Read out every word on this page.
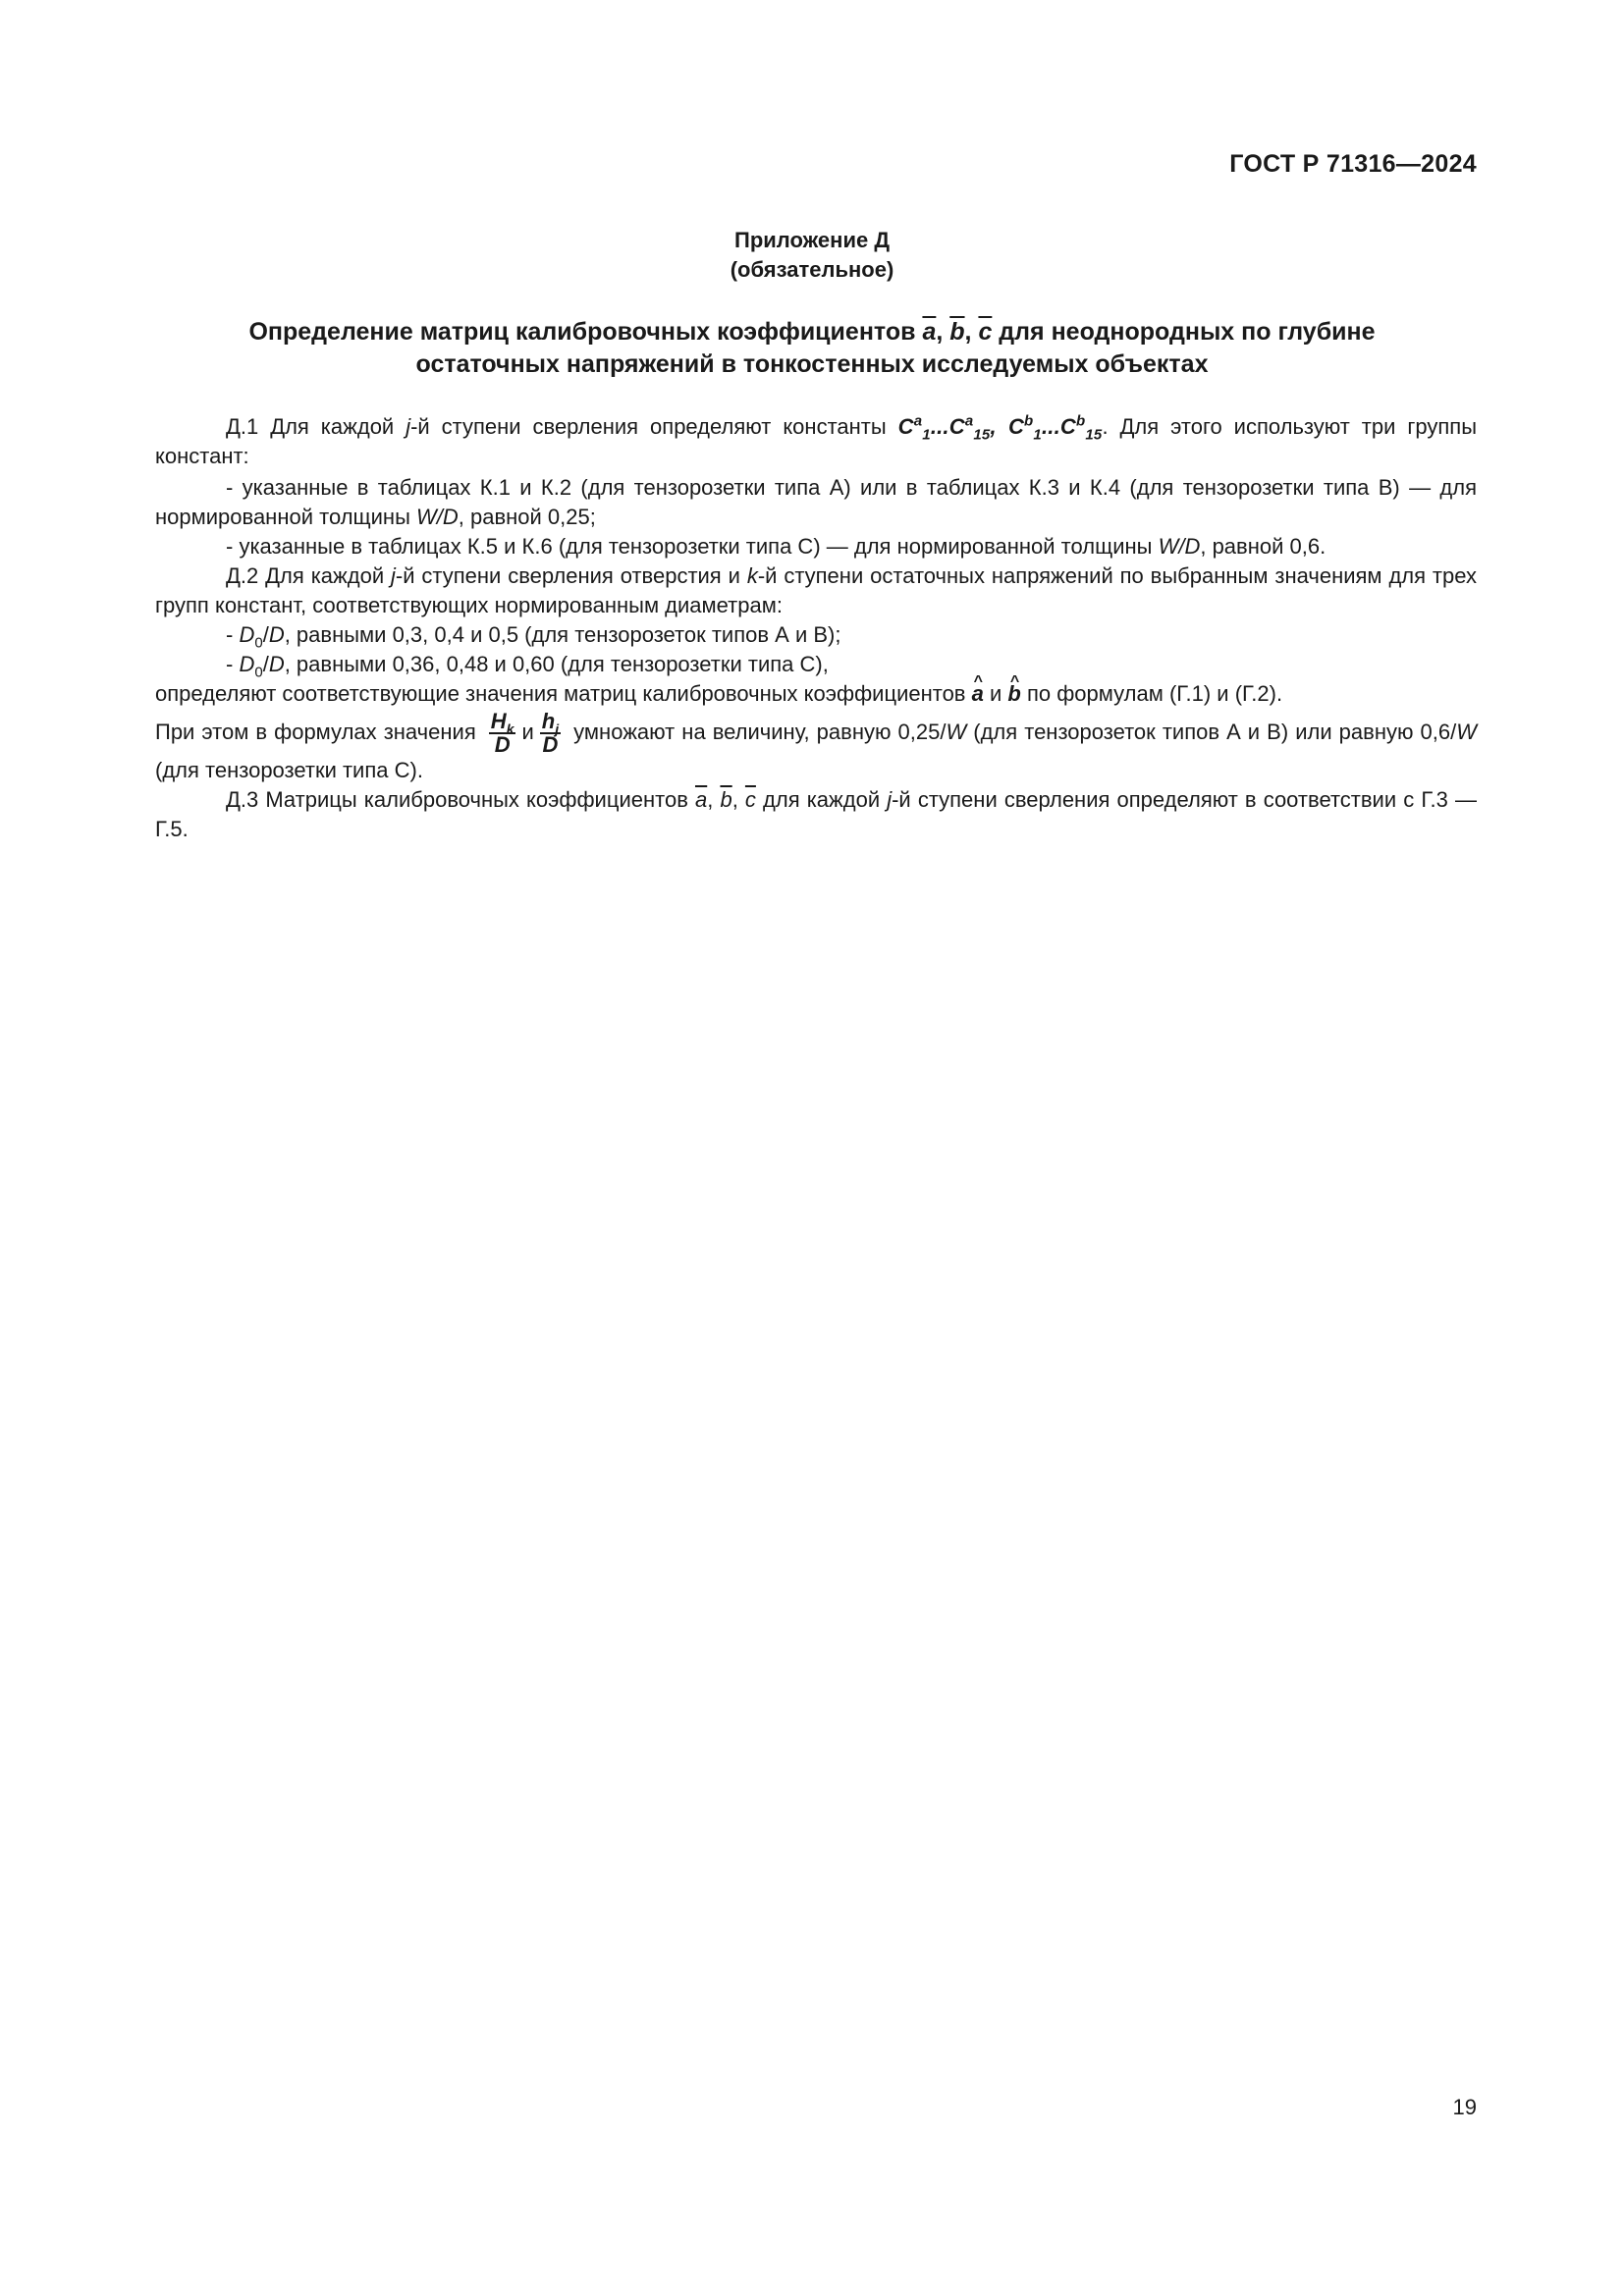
ГОСТ Р 71316—2024
Приложение Д
(обязательное)
Определение матриц калибровочных коэффициентов $\overline{a}$, $\overline{b}$, $\overline{c}$ для неоднородных по глубине
остаточных напряжений в тонкостенных исследуемых объектах

Д.1 Для каждой j-й ступени сверления определяют константы $C^a_1...C^a_{15}$, $C^b_1...C^b_{15}$. Для этого используют три группы констант:

- указанные в таблицах К.1 и К.2 (для тензорозетки типа А) или в таблицах К.3 и К.4 (для тензорозетки типа В) — для нормированной толщины W/D, равной 0,25;

- указанные в таблицах К.5 и К.6 (для тензорозетки типа С) — для нормированной толщины W/D, равной 0,6.

Д.2 Для каждой j-й ступени сверления отверстия и k-й ступени остаточных напряжений по выбранным значениям для трех групп констант, соответствующих нормированным диаметрам:

- $D_0/D$, равными 0,3, 0,4 и 0,5 (для тензорозеток типов А и В);

- $D_0/D$, равными 0,36, 0,48 и 0,60 (для тензорозетки типа С),

определяют соответствующие значения матриц калибровочных коэффициентов ^ a и ^ b по формулам (Г.1) и (Г.2).

При этом в формулах значения $\frac{H_k}{D}$ и $\frac{h_j}{D}$ умножают на величину, равную 0,25/W (для тензорозеток типов А и В) или равную 0,6/W (для тензорозетки типа С).

Д.3 Матрицы калибровочных коэффициентов $\overline{a}$, $\overline{b}$, $\overline{c}$ для каждой j-й ступени сверления определяют в соответствии с Г.3 — Г.5.

19
